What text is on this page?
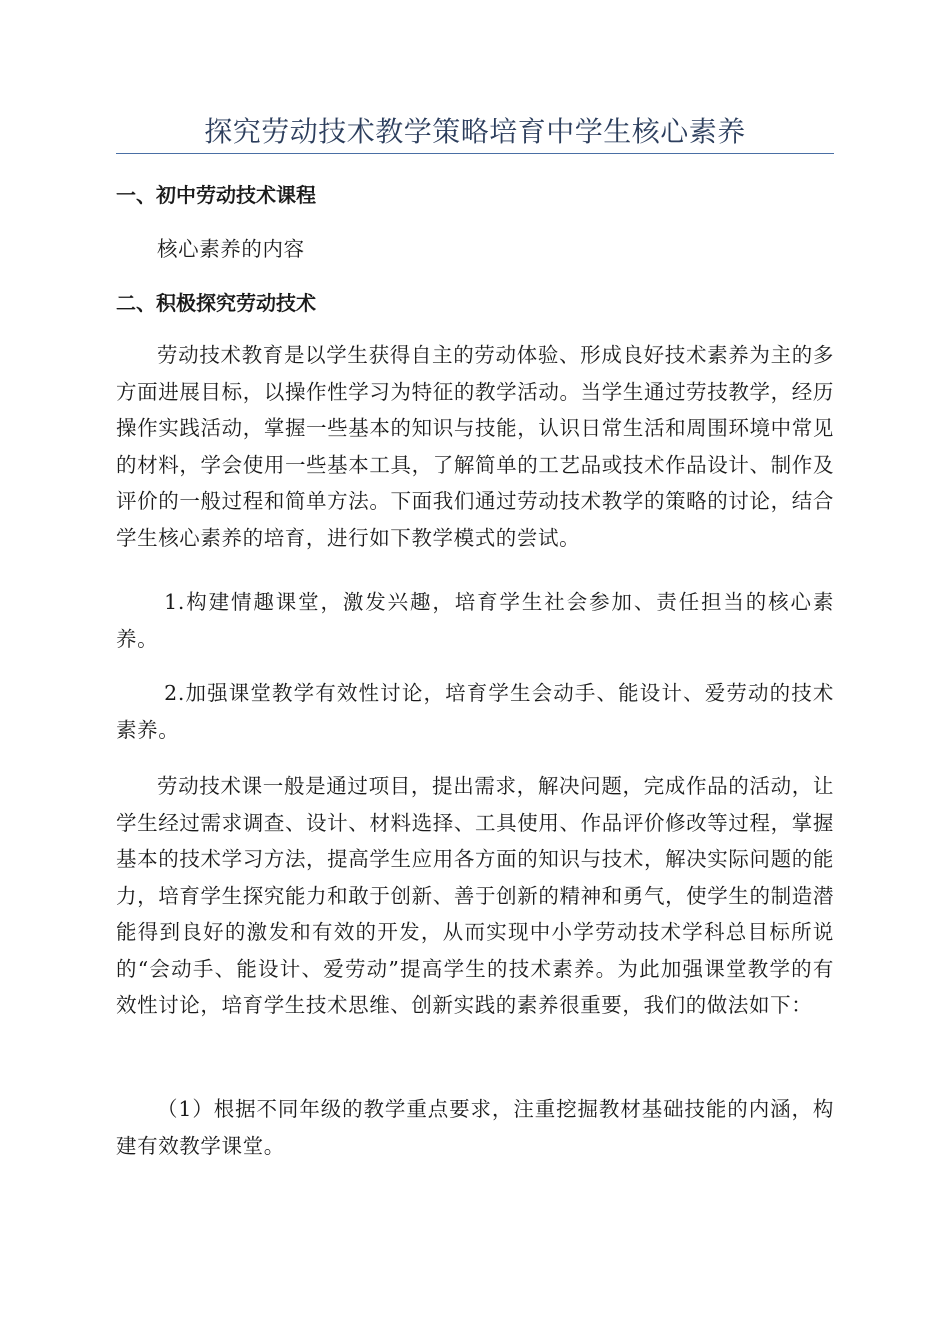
探究劳动技术教学策略培育中学生核心素养
一、初中劳动技术课程
核心素养的内容
二、积极探究劳动技术
劳动技术教育是以学生获得自主的劳动体验、形成良好技术素养为主的多方面进展目标，以操作性学习为特征的教学活动。当学生通过劳技教学，经历操作实践活动，掌握一些基本的知识与技能，认识日常生活和周围环境中常见的材料，学会使用一些基本工具，了解简单的工艺品或技术作品设计、制作及评价的一般过程和简单方法。下面我们通过劳动技术教学的策略的讨论，结合学生核心素养的培育，进行如下教学模式的尝试。
1.构建情趣课堂，激发兴趣，培育学生社会参加、责任担当的核心素养。
2.加强课堂教学有效性讨论，培育学生会动手、能设计、爱劳动的技术素养。
劳动技术课一般是通过项目，提出需求，解决问题，完成作品的活动，让学生经过需求调查、设计、材料选择、工具使用、作品评价修改等过程，掌握基本的技术学习方法，提高学生应用各方面的知识与技术，解决实际问题的能力，培育学生探究能力和敢于创新、善于创新的精神和勇气，使学生的制造潜能得到良好的激发和有效的开发，从而实现中小学劳动技术学科总目标所说的“会动手、能设计、爱劳动”提高学生的技术素养。为此加强课堂教学的有效性讨论，培育学生技术思维、创新实践的素养很重要，我们的做法如下：
（1）根据不同年级的教学重点要求，注重挖掘教材基础技能的内涵，构建有效教学课堂。
